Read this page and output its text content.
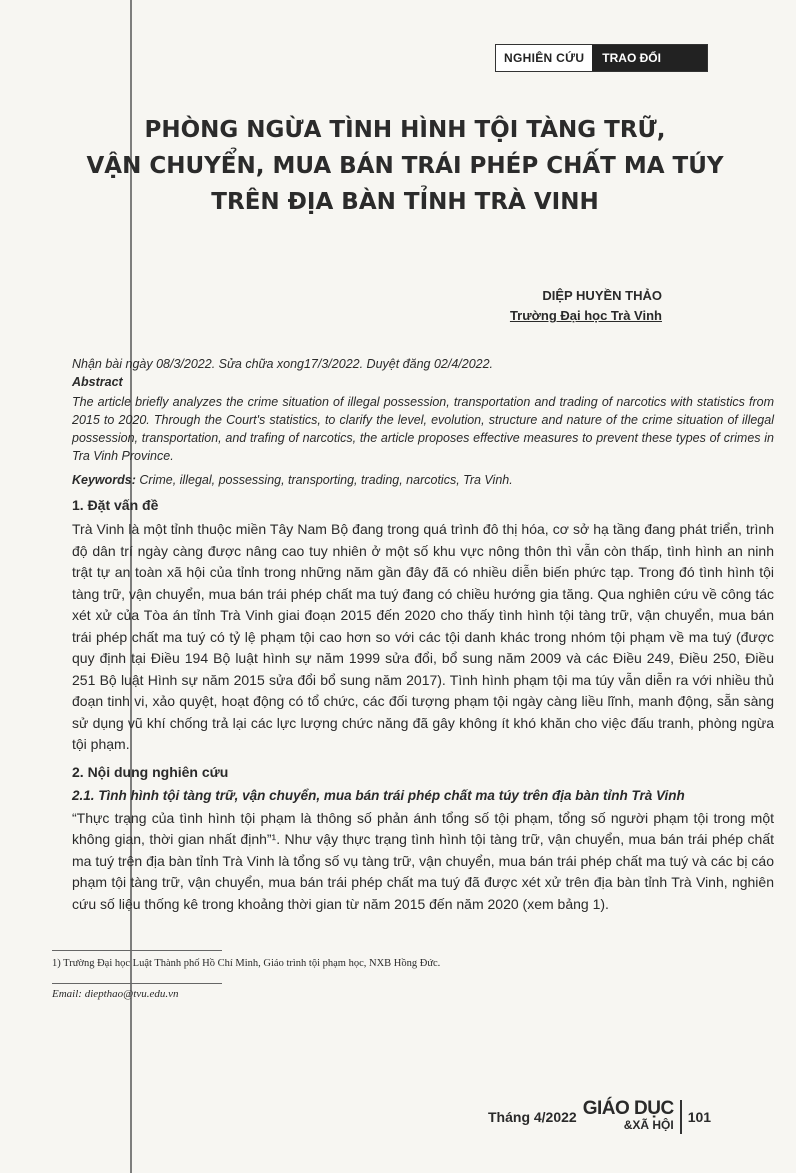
NGHIÊN CỨU	TRAO ĐỔI
PHÒNG NGỪA TÌNH HÌNH TỘI TÀNG TRỮ,
VẬN CHUYỂN, MUA BÁN TRÁI PHÉP CHẤT MA TÚY
TRÊN ĐỊA BÀN TỈNH TRÀ VINH
DIỆP HUYỀN THẢO
Trường Đại học Trà Vinh

Nhận bài ngày 08/3/2022. Sửa chữa xong17/3/2022. Duyệt đăng 02/4/2022.

Abstract

The article briefly analyzes the crime situation of illegal possession, transportation and trading of narcotics with statistics from 2015 to 2020. Through the Court's statistics, to clarify the level, evolution, structure and nature of the crime situation of illegal possession, transportation, and trafing of narcotics, the article proposes effective measures to prevent these types of crimes in Tra Vinh Province.

Keywords: Crime, illegal, possessing, transporting, trading, narcotics, Tra Vinh.

1. Đặt vấn đề

Trà Vinh là một tỉnh thuộc miền Tây Nam Bộ đang trong quá trình đô thị hóa, cơ sở hạ tầng đang phát triển, trình độ dân trí ngày càng được nâng cao tuy nhiên ở một số khu vực nông thôn thì vẫn còn thấp, tình hình an ninh trật tự an toàn xã hội của tỉnh trong những năm gần đây đã có nhiều diễn biến phức tạp. Trong đó tình hình tội tàng trữ, vận chuyển, mua bán trái phép chất ma tuý đang có chiều hướng gia tăng. Qua nghiên cứu về công tác xét xử của Tòa án tỉnh Trà Vinh giai đoạn 2015 đến 2020 cho thấy tình hình tội tàng trữ, vận chuyển, mua bán trái phép chất ma tuý có tỷ lệ phạm tội cao hơn so với các tội danh khác trong nhóm tội phạm về ma tuý (được quy định tại Điều 194 Bộ luật hình sự năm 1999 sửa đổi, bổ sung năm 2009 và các Điều 249, Điều 250, Điều 251 Bộ luật Hình sự năm 2015 sửa đổi bổ sung năm 2017). Tình hình phạm tội ma túy vẫn diễn ra với nhiều thủ đoạn tinh vi, xảo quyệt, hoạt động có tổ chức, các đối tượng phạm tội ngày càng liều lĩnh, manh động, sẵn sàng sử dụng vũ khí chống trả lại các lực lượng chức năng đã gây không ít khó khăn cho việc đấu tranh, phòng ngừa tội phạm.

2. Nội dung nghiên cứu
2.1. Tình hình tội tàng trữ, vận chuyển, mua bán trái phép chất ma túy trên địa bàn tỉnh Trà Vinh

“Thực trạng của tình hình tội phạm là thông số phản ánh tổng số tội phạm, tổng số người phạm tội trong một không gian, thời gian nhất định”¹. Như vậy thực trạng tình hình tội tàng trữ, vận chuyển, mua bán trái phép chất ma tuý trên địa bàn tỉnh Trà Vinh là tổng số vụ tàng trữ, vận chuyển, mua bán trái phép chất ma tuý và các bị cáo phạm tội tàng trữ, vận chuyển, mua bán trái phép chất ma tuý đã được xét xử trên địa bàn tỉnh Trà Vinh, nghiên cứu số liệu thống kê trong khoảng thời gian từ năm 2015 đến năm 2020 (xem bảng 1).

1) Trường Đại học Luật Thành phố Hồ Chí Minh, Giáo trình tội phạm học, NXB Hồng Đức.
Email: diepthao@tvu.edu.vn
Tháng 4/2022 GIÁO DỤC
&XÃ HỘI 101
